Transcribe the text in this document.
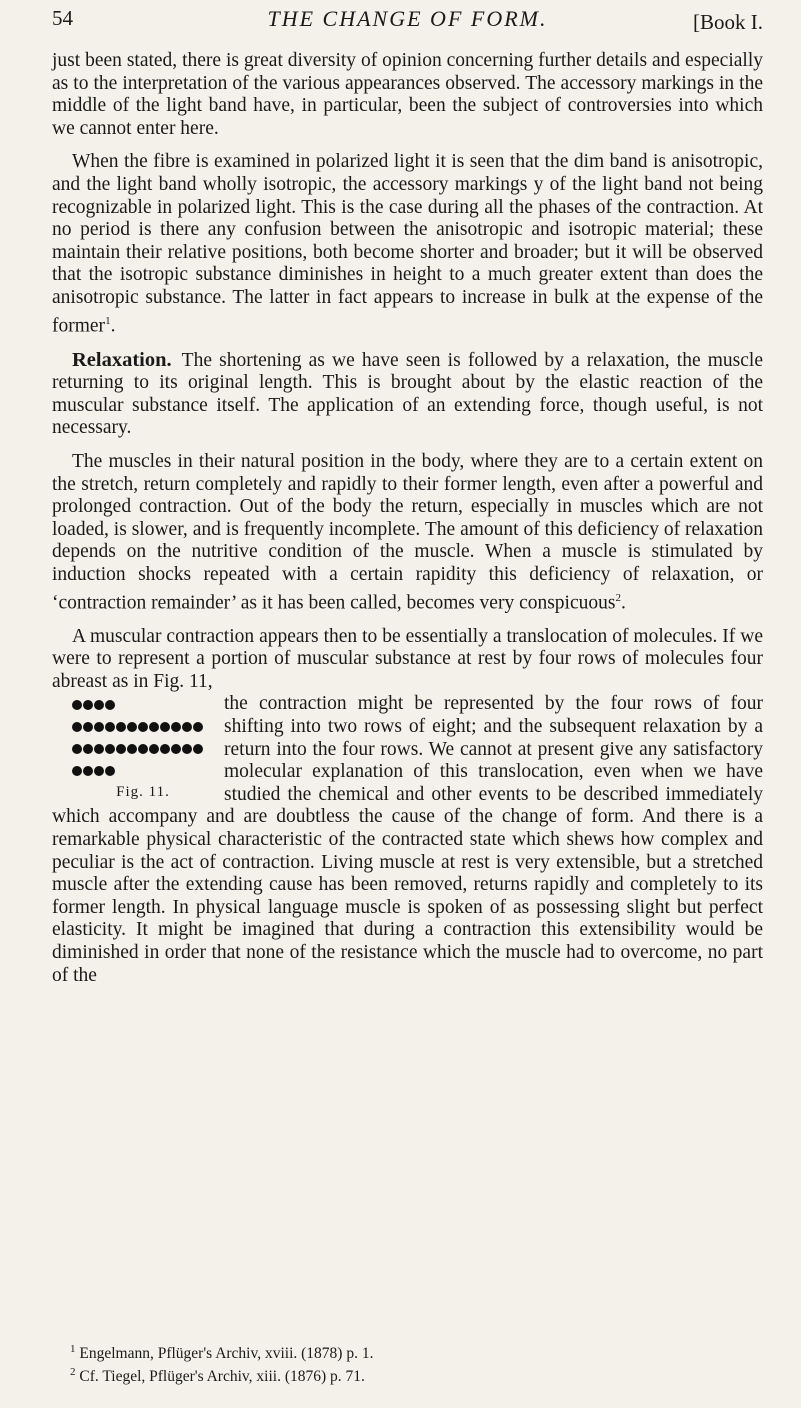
54	THE CHANGE OF FORM.	[Book I.

just been stated, there is great diversity of opinion concerning further details and especially as to the interpretation of the various appearances observed. The accessory markings in the middle of the light band have, in particular, been the subject of controversies into which we cannot enter here.

When the fibre is examined in polarized light it is seen that the dim band is anisotropic, and the light band wholly isotropic, the accessory markings y of the light band not being recognizable in polarized light. This is the case during all the phases of the contraction. At no period is there any confusion between the anisotropic and isotropic material; these maintain their relative positions, both become shorter and broader; but it will be observed that the isotropic substance diminishes in height to a much greater extent than does the anisotropic substance. The latter in fact appears to increase in bulk at the expense of the former$^1$.

Relaxation. The shortening as we have seen is followed by a relaxation, the muscle returning to its original length. This is brought about by the elastic reaction of the muscular substance itself. The application of an extending force, though useful, is not necessary.

The muscles in their natural position in the body, where they are to a certain extent on the stretch, return completely and rapidly to their former length, even after a powerful and prolonged contraction. Out of the body the return, especially in muscles which are not loaded, is slower, and is frequently incomplete. The amount of this deficiency of relaxation depends on the nutritive condition of the muscle. When a muscle is stimulated by induction shocks repeated with a certain rapidity this deficiency of relaxation, or ‘contraction remainder’ as it has been called, becomes very conspicuous$^2$.

A muscular contraction appears then to be essentially a translocation of molecules. If we were to represent a portion of muscular substance at rest by four rows of molecules four abreast as in Fig. 11,

Fig. 11.
the contraction might be represented by the four rows of four shifting into two rows of eight; and the subsequent relaxation by a return into the four rows. We cannot at present give any satisfactory molecular explanation of this translocation, even when we have studied the chemical and other events to be described immediately which accompany and are doubtless the cause of the change of form. And there is a remarkable physical characteristic of the contracted state which shews how complex and peculiar is the act of contraction. Living muscle at rest is very extensible, but a stretched muscle after the extending cause has been removed, returns rapidly and completely to its former length. In physical language muscle is spoken of as possessing slight but perfect elasticity. It might be imagined that during a contraction this extensibility would be diminished in order that none of the resistance which the muscle had to overcome, no part of the

$^1$ Engelmann, Pflüger's Archiv, xviii. (1878) p. 1.
$^2$ Cf. Tiegel, Pflüger's Archiv, xiii. (1876) p. 71.
